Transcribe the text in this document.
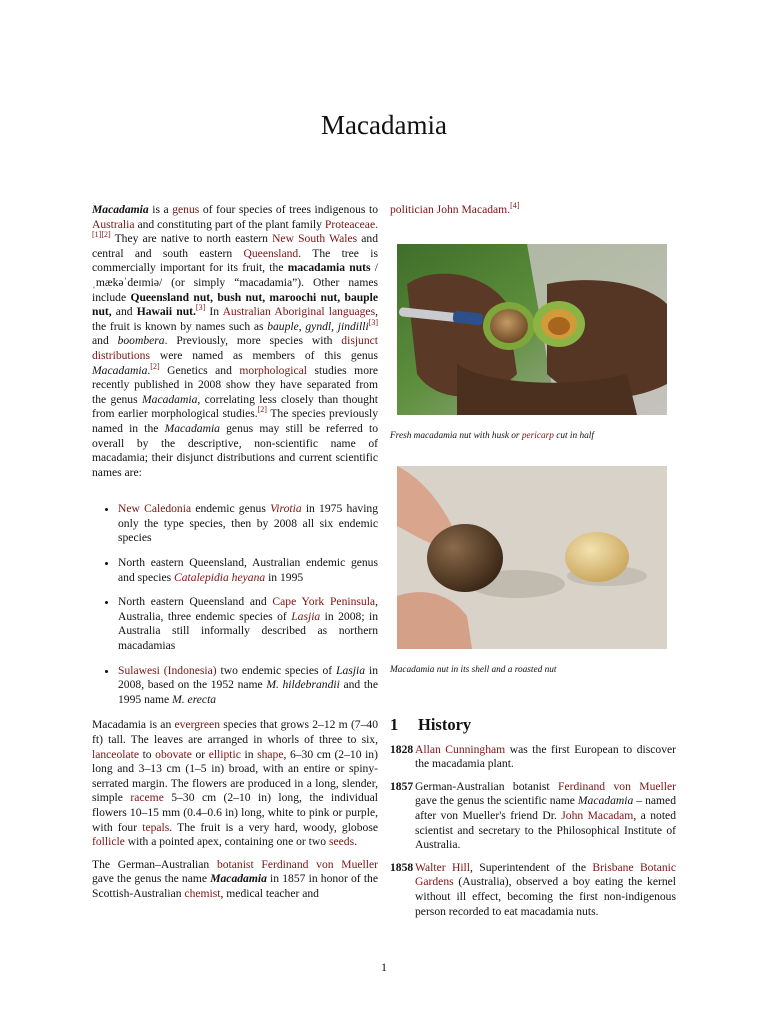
Macadamia

Macadamia is a genus of four species of trees indigenous to Australia and constituting part of the plant family Proteaceae.[1][2] They are native to north eastern New South Wales and central and south eastern Queensland. The tree is commercially important for its fruit, the macadamia nuts /ˌmækəˈdeɪmiə/ (or simply “macadamia”). Other names include Queensland nut, bush nut, maroochi nut, bauple nut, and Hawaii nut.[3] In Australian Aboriginal languages, the fruit is known by names such as bauple, gyndl, jindilli[3] and boombera. Previously, more species with disjunct distributions were named as members of this genus Macadamia.[2] Genetics and morphological studies more recently published in 2008 show they have separated from the genus Macadamia, correlating less closely than thought from earlier morphological studies.[2] The species previously named in the Macadamia genus may still be referred to overall by the descriptive, non-scientific name of macadamia; their disjunct distributions and current scientific names are:

• New Caledonia endemic genus Virotia in 1975 having only the type species, then by 2008 all six endemic species
• North eastern Queensland, Australian endemic genus and species Catalepidia heyana in 1995
• North eastern Queensland and Cape York Peninsula, Australia, three endemic species of Lasjia in 2008; in Australia still informally described as northern macadamias
• Sulawesi (Indonesia) two endemic species of Lasjia in 2008, based on the 1952 name M. hildebrandii and the 1995 name M. erecta

Macadamia is an evergreen species that grows 2–12 m (7–40 ft) tall. The leaves are arranged in whorls of three to six, lanceolate to obovate or elliptic in shape, 6–30 cm (2–10 in) long and 3–13 cm (1–5 in) broad, with an entire or spiny-serrated margin. The flowers are produced in a long, slender, simple raceme 5–30 cm (2–10 in) long, the individual flowers 10–15 mm (0.4–0.6 in) long, white to pink or purple, with four tepals. The fruit is a very hard, woody, globose follicle with a pointed apex, containing one or two seeds.

The German–Australian botanist Ferdinand von Mueller gave the genus the name Macadamia in 1857 in honor of the Scottish-Australian chemist, medical teacher and

politician John Macadam.[4]

Fresh macadamia nut with husk or pericarp cut in half
Macadamia nut in its shell and a roasted nut
1 History
1828 Allan Cunningham was the first European to discover the macadamia plant.
1857 German-Australian botanist Ferdinand von Mueller gave the genus the scientific name Macadamia – named after von Mueller's friend Dr. John Macadam, a noted scientist and secretary to the Philosophical Institute of Australia.
1858 Walter Hill, Superintendent of the Brisbane Botanic Gardens (Australia), observed a boy eating the kernel without ill effect, becoming the first non-indigenous person recorded to eat macadamia nuts.
1
